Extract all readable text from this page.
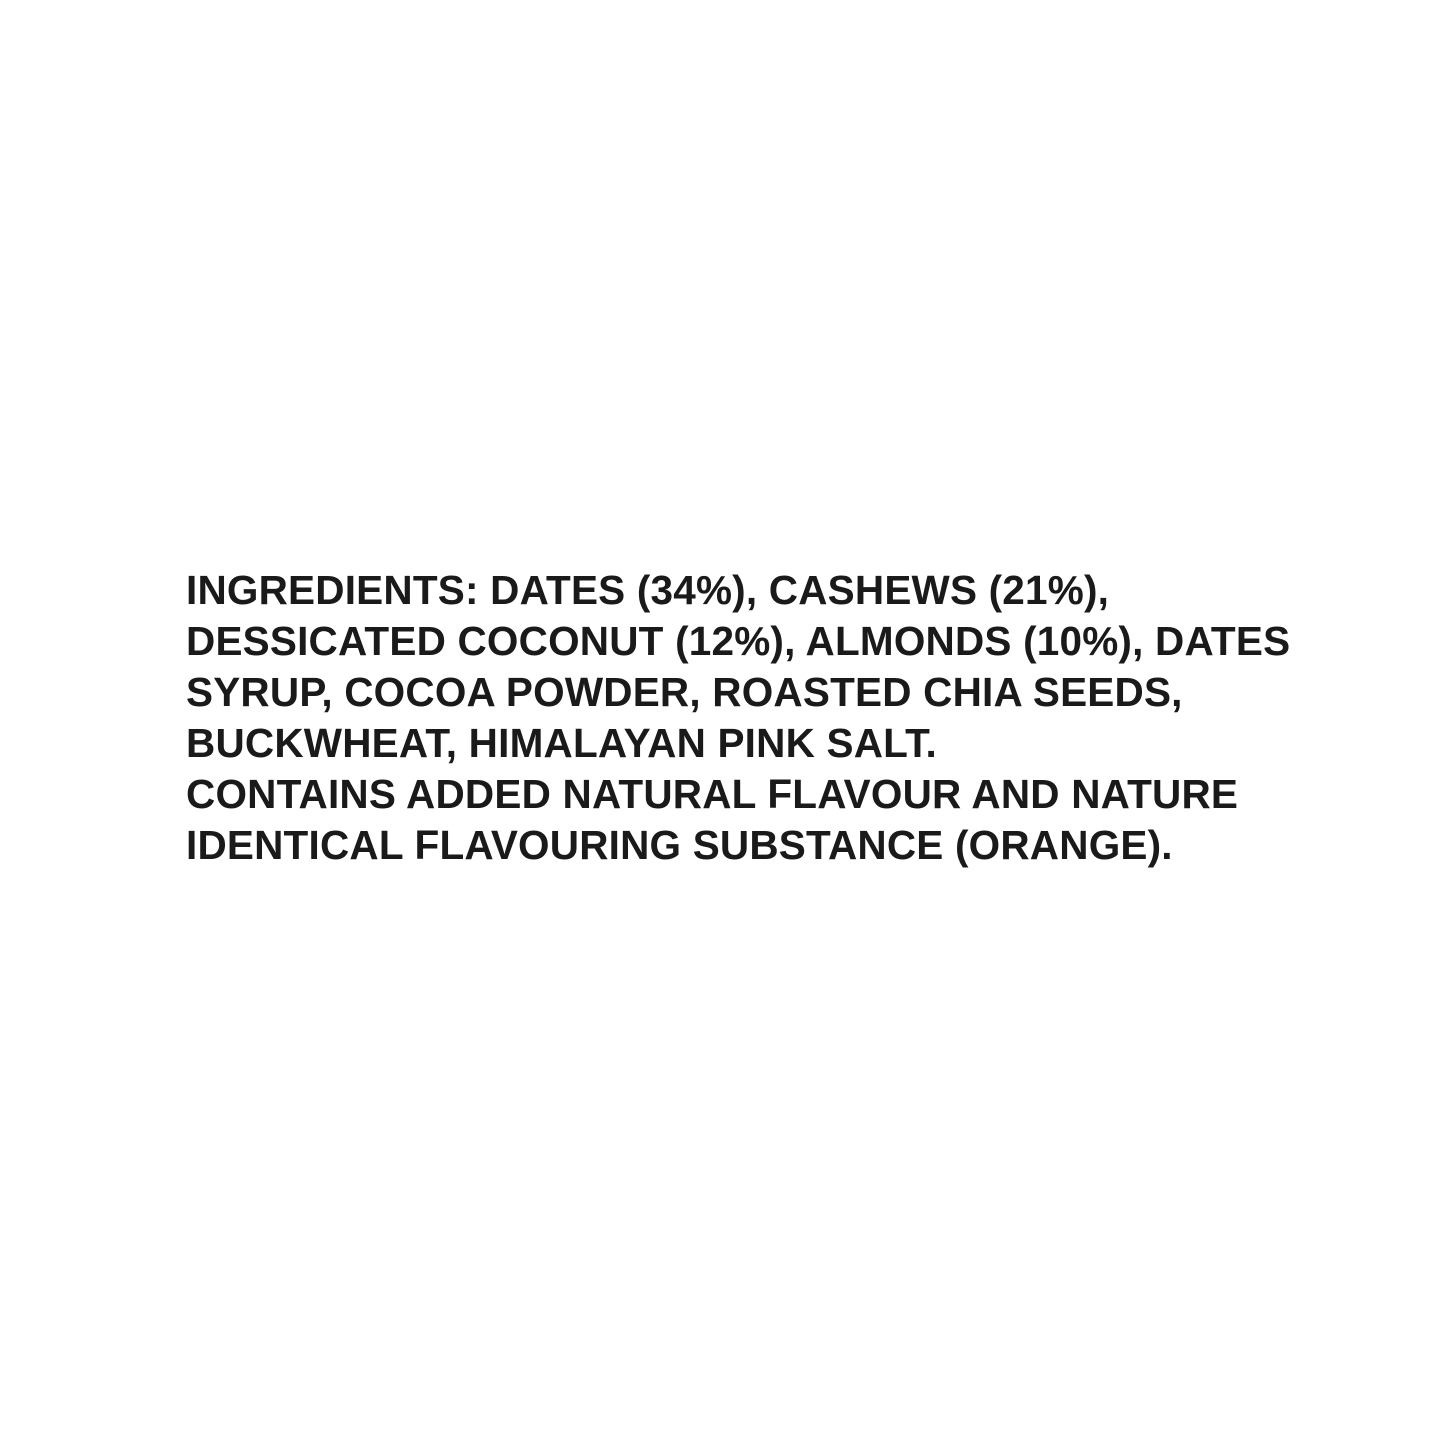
INGREDIENTS: DATES (34%), CASHEWS (21%),
DESSICATED COCONUT (12%), ALMONDS (10%), DATES
SYRUP, COCOA POWDER, ROASTED CHIA SEEDS,
BUCKWHEAT, HIMALAYAN PINK SALT.
CONTAINS ADDED NATURAL FLAVOUR AND NATURE
IDENTICAL FLAVOURING SUBSTANCE (ORANGE).
